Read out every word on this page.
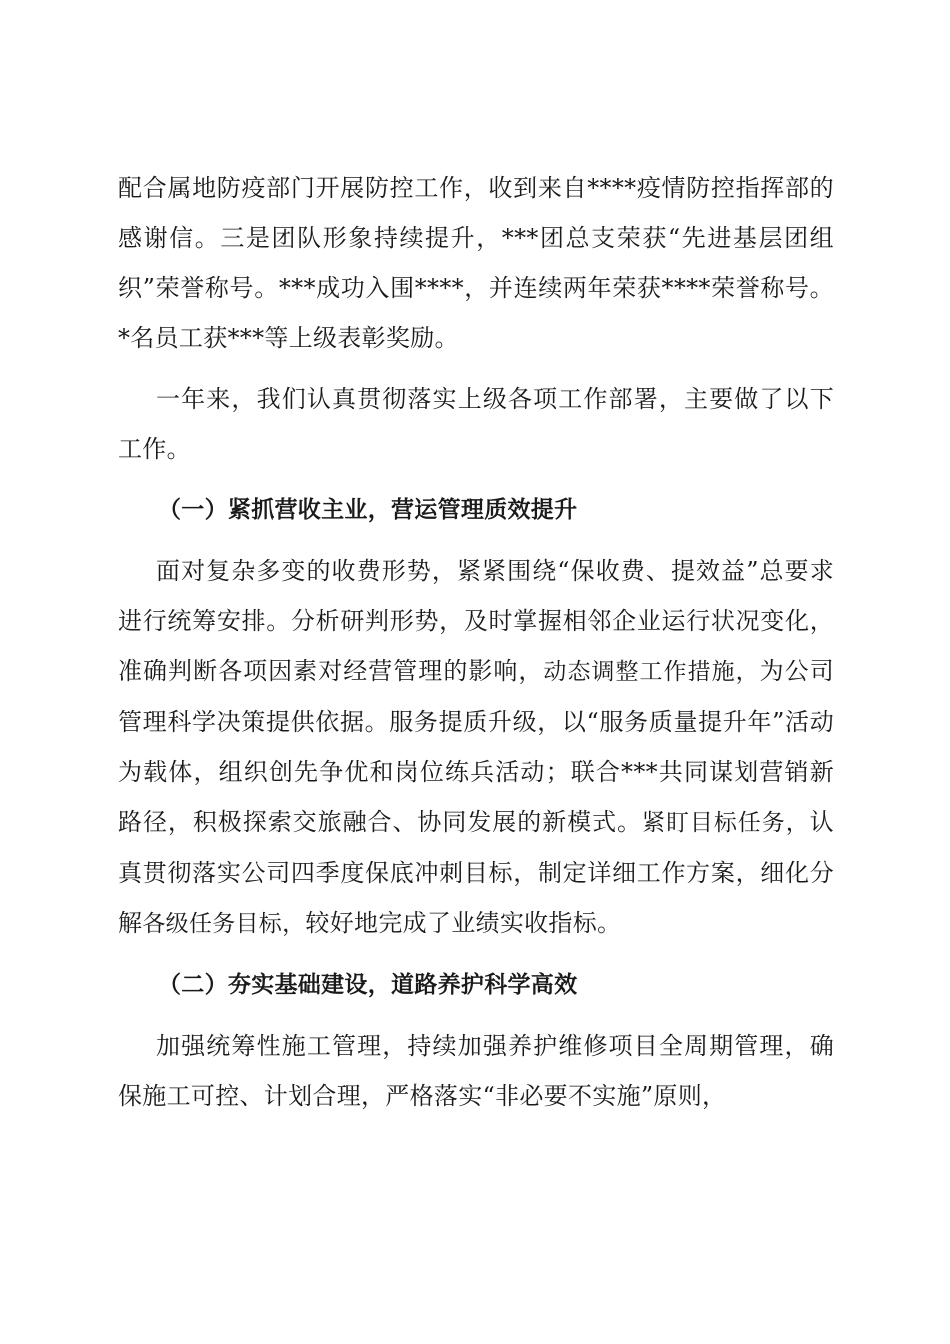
配合属地防疫部门开展防控工作，收到来自****疫情防控指挥部的感谢信。三是团队形象持续提升，***团总支荣获“先进基层团组织”荣誉称号。***成功入围****，并连续两年荣获****荣誉称号。*名员工获***等上级表彰奖励。

一年来，我们认真贯彻落实上级各项工作部署，主要做了以下工作。

（一）紧抓营收主业，营运管理质效提升

面对复杂多变的收费形势，紧紧围绕“保收费、提效益”总要求进行统筹安排。分析研判形势，及时掌握相邻企业运行状况变化，准确判断各项因素对经营管理的影响，动态调整工作措施，为公司管理科学决策提供依据。服务提质升级，以“服务质量提升年”活动为载体，组织创先争优和岗位练兵活动；联合***共同谋划营销新路径，积极探索交旅融合、协同发展的新模式。紧盯目标任务，认真贯彻落实公司四季度保底冲刺目标，制定详细工作方案，细化分解各级任务目标，较好地完成了业绩实收指标。

（二）夯实基础建设，道路养护科学高效

加强统筹性施工管理，持续加强养护维修项目全周期管理，确保施工可控、计划合理，严格落实“非必要不实施”原则，
